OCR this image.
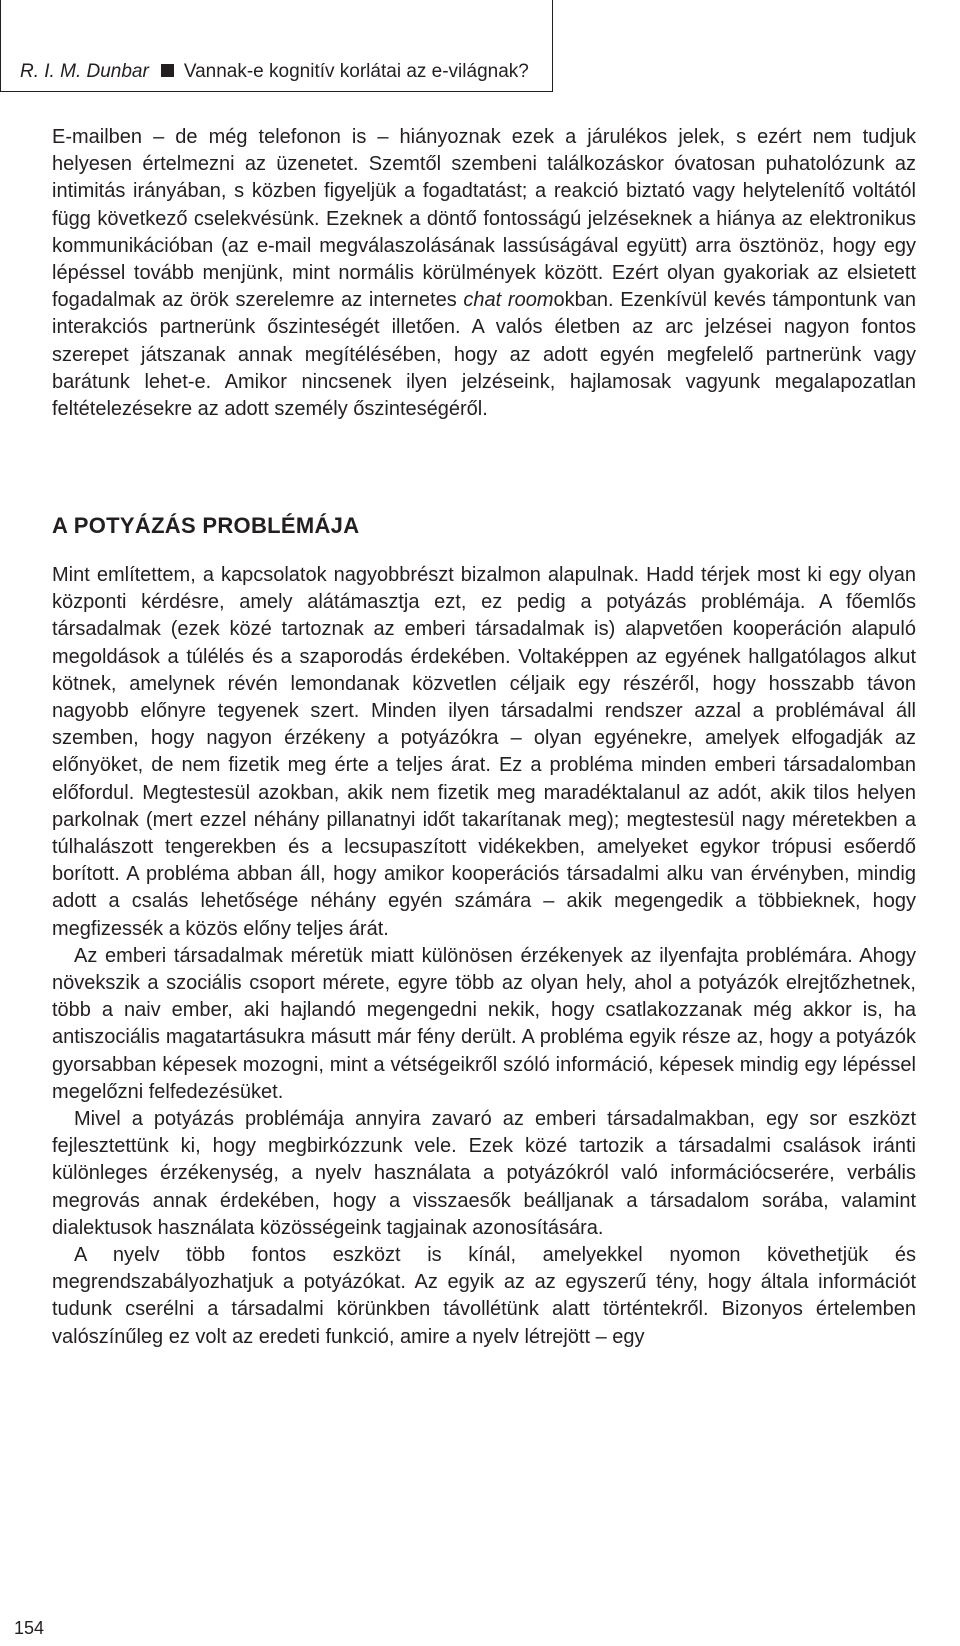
R. I. M. Dunbar Vannak-e kognitív korlátai az e-világnak?

E-mailben – de még telefonon is – hiányoznak ezek a járulékos jelek, s ezért nem tudjuk helyesen értelmezni az üzenetet. Szemtől szembeni találkozáskor óvatosan puhatolózunk az intimitás irányában, s közben figyeljük a fogadtatást; a reakció biztató vagy helytelenítő voltától függ következő cselekvésünk. Ezeknek a döntő fontosságú jelzéseknek a hiánya az elektronikus kommunikációban (az e-mail megválaszolásának lassúságával együtt) arra ösztönöz, hogy egy lépéssel tovább menjünk, mint normális körülmények között. Ezért olyan gyakoriak az elsietett fogadalmak az örök szerelemre az internetes chat roomokban. Ezenkívül kevés támpontunk van interakciós partnerünk őszinteségét illetően. A valós életben az arc jelzései nagyon fontos szerepet játszanak annak megítélésében, hogy az adott egyén megfelelő partnerünk vagy barátunk lehet-e. Amikor nincsenek ilyen jelzéseink, hajlamosak vagyunk megalapozatlan feltételezésekre az adott személy őszinteségéről.

A POTYÁZÁS PROBLÉMÁJA

Mint említettem, a kapcsolatok nagyobbrészt bizalmon alapulnak. Hadd térjek most ki egy olyan központi kérdésre, amely alátámasztja ezt, ez pedig a potyázás problémája. A főemlős társadalmak (ezek közé tartoznak az emberi társadalmak is) alapvetően kooperáción alapuló megoldások a túlélés és a szaporodás érdekében. Voltaképpen az egyének hallgatólagos alkut kötnek, amelynek révén lemondanak közvetlen céljaik egy részéről, hogy hosszabb távon nagyobb előnyre tegyenek szert. Minden ilyen társadalmi rendszer azzal a problémával áll szemben, hogy nagyon érzékeny a potyázókra – olyan egyénekre, amelyek elfogadják az előnyöket, de nem fizetik meg érte a teljes árat. Ez a probléma minden emberi társadalomban előfordul. Megtestesül azokban, akik nem fizetik meg maradéktalanul az adót, akik tilos helyen parkolnak (mert ezzel néhány pillanatnyi időt takarítanak meg); megtestesül nagy méretekben a túlhalászott tengerekben és a lecsupaszított vidékekben, amelyeket egykor trópusi esőerdő borított. A probléma abban áll, hogy amikor kooperációs társadalmi alku van érvényben, mindig adott a csalás lehetősége néhány egyén számára – akik megengedik a többieknek, hogy megfizessék a közös előny teljes árát.

Az emberi társadalmak méretük miatt különösen érzékenyek az ilyenfajta problémára. Ahogy növekszik a szociális csoport mérete, egyre több az olyan hely, ahol a potyázók elrejtőzhetnek, több a naiv ember, aki hajlandó megengedni nekik, hogy csatlakozzanak még akkor is, ha antiszociális magatartásukra másutt már fény derült. A probléma egyik része az, hogy a potyázók gyorsabban képesek mozogni, mint a vétségeikről szóló információ, képesek mindig egy lépéssel megelőzni felfedezésüket.

Mivel a potyázás problémája annyira zavaró az emberi társadalmakban, egy sor eszközt fejlesztettünk ki, hogy megbirkózzunk vele. Ezek közé tartozik a társadalmi csalások iránti különleges érzékenység, a nyelv használata a potyázókról való információcserére, verbális megrovás annak érdekében, hogy a visszaesők beálljanak a társadalom sorába, valamint dialektusok használata közösségeink tagjainak azonosítására.

A nyelv több fontos eszközt is kínál, amelyekkel nyomon követhetjük és megrendszabályozhatjuk a potyázókat. Az egyik az az egyszerű tény, hogy általa információt tudunk cserélni a társadalmi körünkben távollétünk alatt történtekről. Bizonyos értelemben valószínűleg ez volt az eredeti funkció, amire a nyelv létrejött – egy

154
